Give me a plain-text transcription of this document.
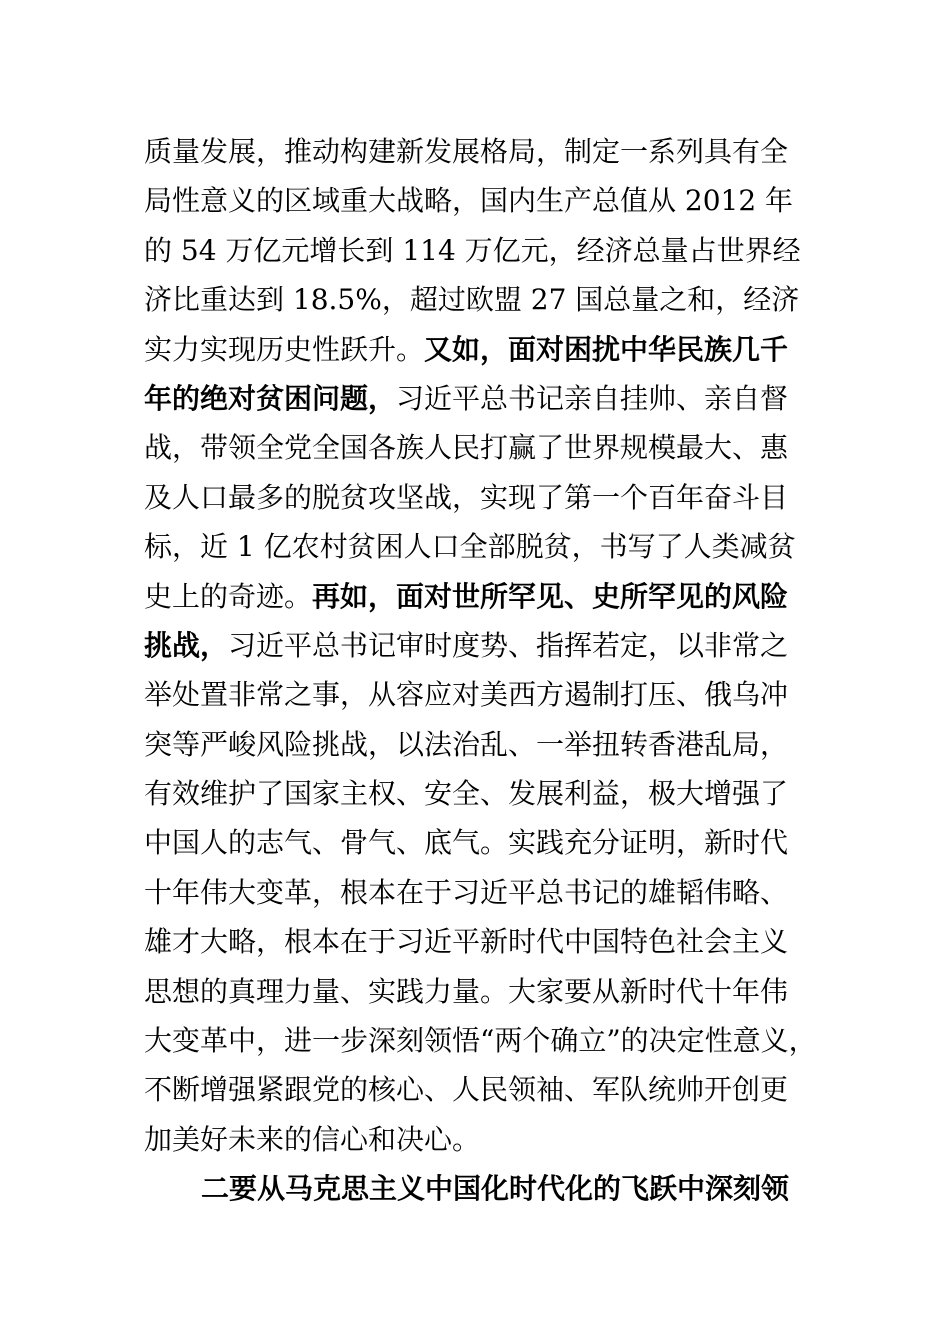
质量发展，推动构建新发展格局，制定一系列具有全
局性意义的区域重大战略，国内生产总值从 2012 年
的 54 万亿元增长到 114 万亿元，经济总量占世界经
济比重达到 18.5%，超过欧盟 27 国总量之和，经济
实力实现历史性跃升。又如，面对困扰中华民族几千
年的绝对贫困问题，习近平总书记亲自挂帅、亲自督
战，带领全党全国各族人民打赢了世界规模最大、惠
及人口最多的脱贫攻坚战，实现了第一个百年奋斗目
标，近 1 亿农村贫困人口全部脱贫，书写了人类减贫
史上的奇迹。再如，面对世所罕见、史所罕见的风险
挑战，习近平总书记审时度势、指挥若定，以非常之
举处置非常之事，从容应对美西方遏制打压、俄乌冲
突等严峻风险挑战，以法治乱、一举扭转香港乱局，
有效维护了国家主权、安全、发展利益，极大增强了
中国人的志气、骨气、底气。实践充分证明，新时代
十年伟大变革，根本在于习近平总书记的雄韬伟略、
雄才大略，根本在于习近平新时代中国特色社会主义
思想的真理力量、实践力量。大家要从新时代十年伟
大变革中，进一步深刻领悟“两个确立”的决定性意义，
不断增强紧跟党的核心、人民领袖、军队统帅开创更
加美好未来的信心和决心。
二要从马克思主义中国化时代化的飞跃中深刻领
